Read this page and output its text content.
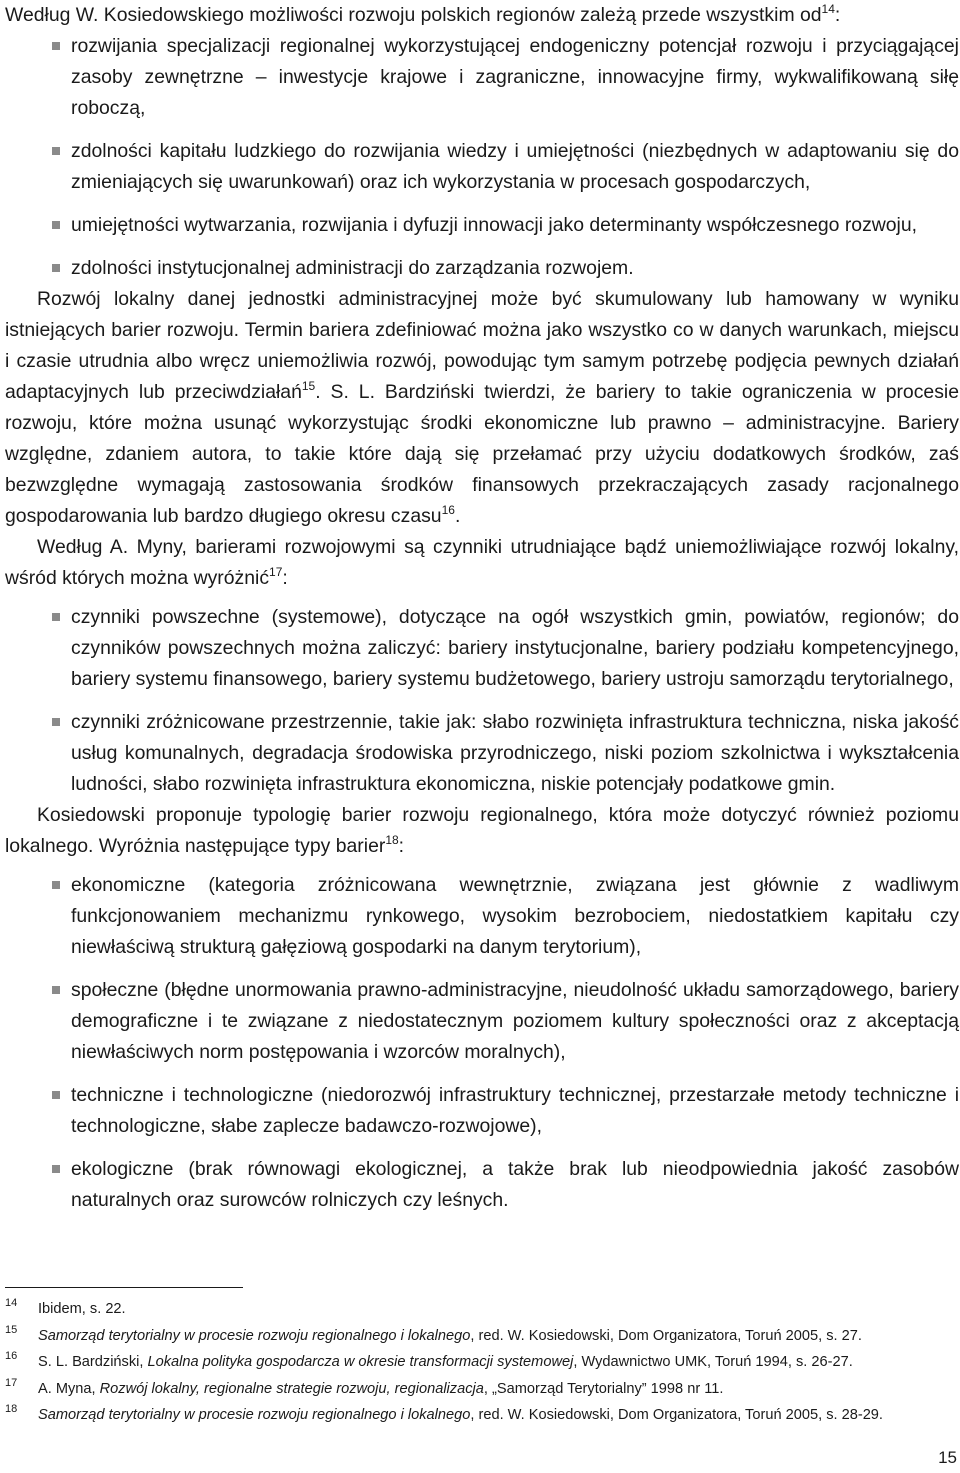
Według W. Kosiedowskiego możliwości rozwoju polskich regionów zależą przede wszystkim $od^{14}$:

rozwijania specjalizacji regionalnej wykorzystującej endogeniczny potencjał rozwoju i przyciągającej zasoby zewnętrzne – inwestycje krajowe i zagraniczne, innowacyjne firmy, wykwalifikowaną siłę roboczą,
zdolności kapitału ludzkiego do rozwijania wiedzy i umiejętności (niezbędnych w adaptowaniu się do zmieniających się uwarunkowań) oraz ich wykorzystania w procesach gospodarczych,
umiejętności wytwarzania, rozwijania i dyfuzji innowacji jako determinanty współczesnego rozwoju,
zdolności instytucjonalnej administracji do zarządzania rozwojem.

Rozwój lokalny danej jednostki administracyjnej może być skumulowany lub hamowany w wyniku istniejących barier rozwoju. Termin bariera zdefiniować można jako wszystko co w danych warunkach, miejscu i czasie utrudnia albo wręcz uniemożliwia rozwój, powodując tym samym potrzebę podjęcia pewnych działań adaptacyjnych lub przeciwdziałań$^{15}$. S. L. Bardziński twierdzi, że bariery to takie ograniczenia w procesie rozwoju, które można usunąć wykorzystując środki ekonomiczne lub prawno – administracyjne. Bariery względne, zdaniem autora, to takie które dają się przełamać przy użyciu dodatkowych środków, zaś bezwzględne wymagają zastosowania środków finansowych przekraczających zasady racjonalnego gospodarowania lub bardzo długiego okresu czasu$^{16}$.

Według A. Myny, barierami rozwojowymi są czynniki utrudniające bądź uniemożliwiające rozwój lokalny, wśród których można wyróżnić$^{17}$:

czynniki powszechne (systemowe), dotyczące na ogół wszystkich gmin, powiatów, regionów; do czynników powszechnych można zaliczyć: bariery instytucjonalne, bariery podziału kompetencyjnego, bariery systemu finansowego, bariery systemu budżetowego, bariery ustroju samorządu terytorialnego,
czynniki zróżnicowane przestrzennie, takie jak: słabo rozwinięta infrastruktura techniczna, niska jakość usług komunalnych, degradacja środowiska przyrodniczego, niski poziom szkolnictwa i wykształcenia ludności, słabo rozwinięta infrastruktura ekonomiczna, niskie potencjały podatkowe gmin.

Kosiedowski proponuje typologię barier rozwoju regionalnego, która może dotyczyć również poziomu lokalnego. Wyróżnia następujące typy barier$^{18}$:

ekonomiczne (kategoria zróżnicowana wewnętrznie, związana jest głównie z wadliwym funkcjonowaniem mechanizmu rynkowego, wysokim bezrobociem, niedostatkiem kapitału czy niewłaściwą strukturą gałęziową gospodarki na danym terytorium),
społeczne (błędne unormowania prawno-administracyjne, nieudolność układu samorządowego, bariery demograficzne i te związane z niedostatecznym poziomem kultury społeczności oraz z akceptacją niewłaściwych norm postępowania i wzorców moralnych),
techniczne i technologiczne (niedorozwój infrastruktury technicznej, przestarzałe metody techniczne i technologiczne, słabe zaplecze badawczo-rozwojowe),
ekologiczne (brak równowagi ekologicznej, a także brak lub nieodpowiednia jakość zasobów naturalnych oraz surowców rolniczych czy leśnych.
14 Ibidem, s. 22.
15 Samorząd terytorialny w procesie rozwoju regionalnego i lokalnego, red. W. Kosiedowski, Dom Organizatora, Toruń 2005, s. 27.
16 S. L. Bardziński, Lokalna polityka gospodarcza w okresie transformacji systemowej, Wydawnictwo UMK, Toruń 1994, s. 26-27.
17 A. Myna, Rozwój lokalny, regionalne strategie rozwoju, regionalizacja, „Samorząd Terytorialny” 1998 nr 11.
18 Samorząd terytorialny w procesie rozwoju regionalnego i lokalnego, red. W. Kosiedowski, Dom Organizatora, Toruń 2005, s. 28-29.
15
